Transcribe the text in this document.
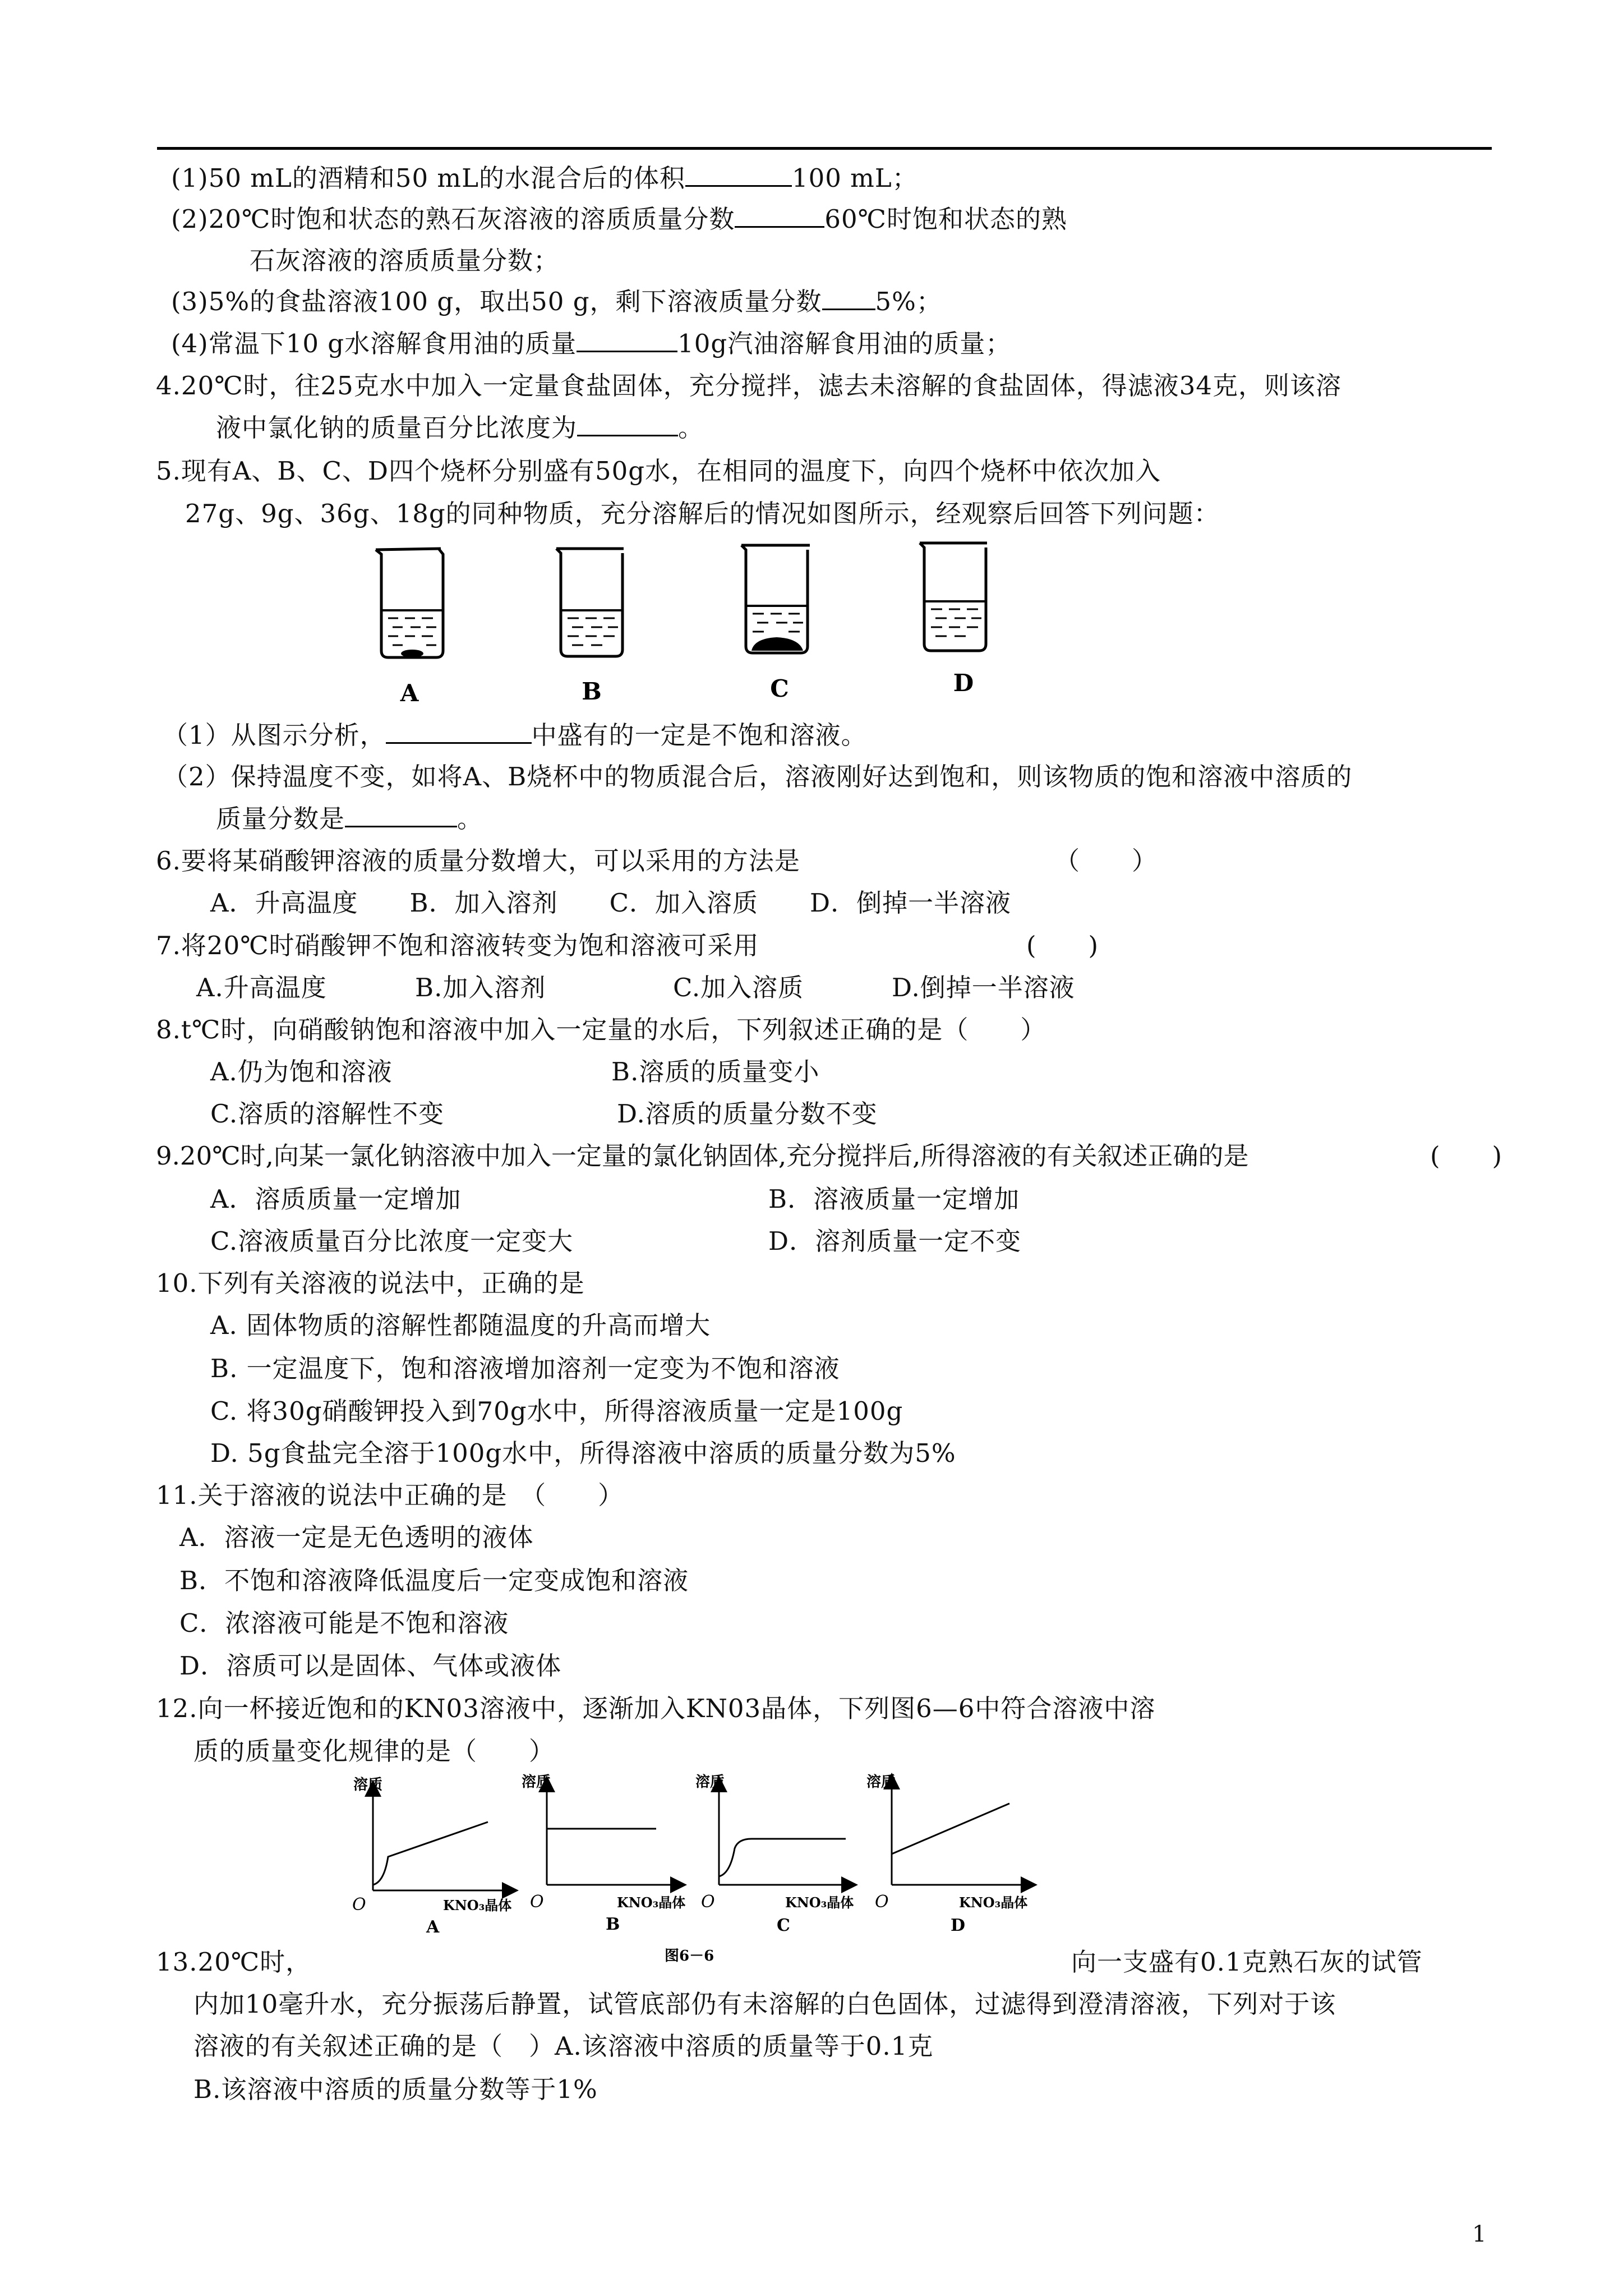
(1)50 mL的酒精和50 mL的水混合后的体积	100 mL；
(2)20℃时饱和状态的熟石灰溶液的溶质质量分数	60℃时饱和状态的熟
石灰溶液的溶质质量分数；
(3)5%的食盐溶液100 g，取出50 g，剩下溶液质量分数 5%；
(4)常温下10 g水溶解食用油的质量	10g汽油溶解食用油的质量；
4.20℃时，往25克水中加入一定量食盐固体，充分搅拌，滤去未溶解的食盐固体，得滤液34克，则该溶
液中氯化钠的质量百分比浓度为	。
5.现有A、B、C、D四个烧杯分别盛有50g水，在相同的温度下，向四个烧杯中依次加入
27g、9g、36g、18g的同种物质，充分溶解后的情况如图所示，经观察后回答下列问题：
A	B	C	D
（1）从图示分析，	中盛有的一定是不饱和溶液。
（2）保持温度不变，如将A、B烧杯中的物质混合后，溶液刚好达到饱和，则该物质的饱和溶液中溶质的
质量分数是	。
6.要将某硝酸钾溶液的质量分数增大，可以采用的方法是	（　　）
A．升高温度　　B．加入溶剂　　C．加入溶质　　D．倒掉一半溶液
7.将20℃时硝酸钾不饱和溶液转变为饱和溶液可采用	(　　)
A.升高温度	B.加入溶剂	C.加入溶质	D.倒掉一半溶液
8.t℃时，向硝酸钠饱和溶液中加入一定量的水后，下列叙述正确的是（　　）
A.仍为饱和溶液	B.溶质的质量变小
C.溶质的溶解性不变	D.溶质的质量分数不变
9.20℃时,向某一氯化钠溶液中加入一定量的氯化钠固体,充分搅拌后,所得溶液的有关叙述正确的是	(　　)
A．溶质质量一定增加	B．溶液质量一定增加
C.溶液质量百分比浓度一定变大	D．溶剂质量一定不变
10.下列有关溶液的说法中，正确的是
A. 固体物质的溶解性都随温度的升高而增大
B. 一定温度下，饱和溶液增加溶剂一定变为不饱和溶液
C. 将30g硝酸钾投入到70g水中，所得溶液质量一定是100g
D. 5g食盐完全溶于100g水中，所得溶液中溶质的质量分数为5%
11.关于溶液的说法中正确的是　（　　）
A．溶液一定是无色透明的液体
B．不饱和溶液降低温度后一定变成饱和溶液
C．浓溶液可能是不饱和溶液
D．溶质可以是固体、气体或液体
12.向一杯接近饱和的KN03溶液中，逐渐加入KN03晶体，下列图6—6中符合溶液中溶
质的质量变化规律的是（　　）
溶质
O	KNO₃晶体
A
溶质
O	KNO₃晶体
B
溶质
O	KNO₃晶体
C
溶质
O	KNO₃晶体
D
图6－6
13.20℃时，	向一支盛有0.1克熟石灰的试管
内加10毫升水，充分振荡后静置，试管底部仍有未溶解的白色固体，过滤得到澄清溶液，下列对于该
溶液的有关叙述正确的是（　）A.该溶液中溶质的质量等于0.1克
B.该溶液中溶质的质量分数等于1%
1
